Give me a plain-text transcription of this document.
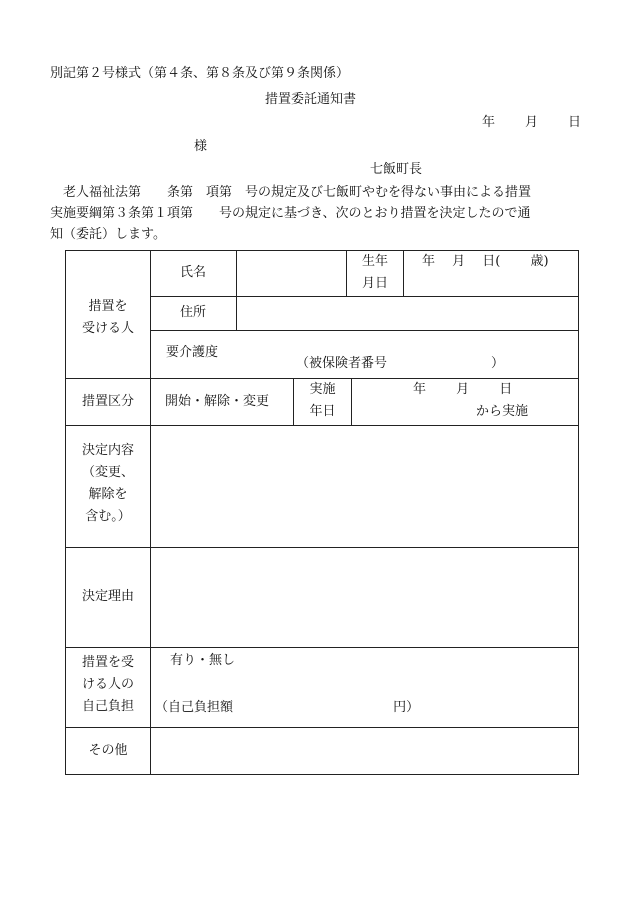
別記第２号様式（第４条、第８条及び第９条関係）
措置委託通知書
年 月 日
様
七飯町長
　老人福祉法第　　条第　項第　号の規定及び七飯町やむを得ない事由による措置
実施要綱第３条第１項第　　号の規定に基づき、次のとおり措置を決定したので通
知（委託）します。
措置を
受ける人
氏名
生年
月日
年　 月　 日(　　 歳)
住所
要介護度
（被保険者番号　　　　　　　　）
措置区分	開始・解除・変更
実施
年日
年　　 月　　 日
から実施
決定内容
（変更、
解除を
含む。）
決定理由
措置を受
ける人の
自己負担
有り・無し
（自己負担額　　　　　　　　　　　　 円）
その他
